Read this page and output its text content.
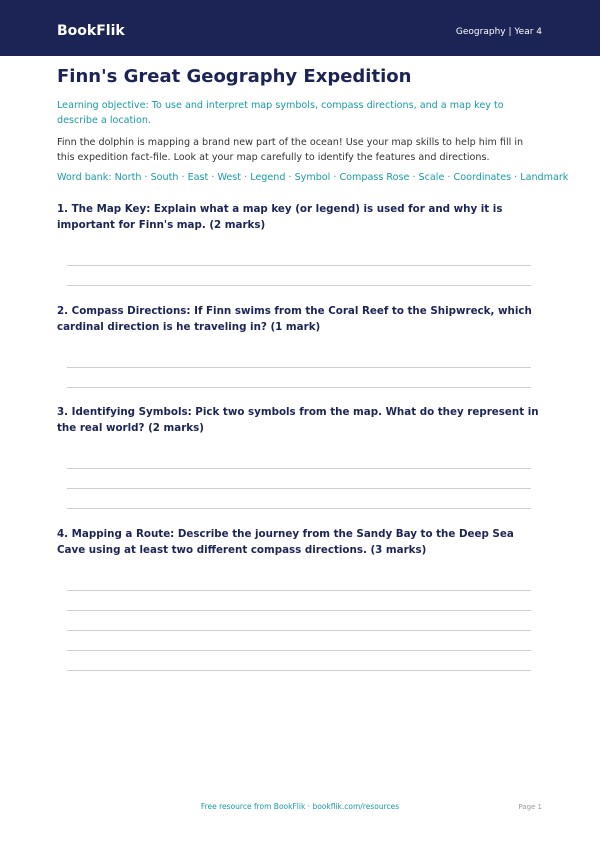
BookFlik	Geography | Year 4
Finn's Great Geography Expedition

Learning objective: To use and interpret map symbols, compass directions, and a map key to describe a location.

Finn the dolphin is mapping a brand new part of the ocean! Use your map skills to help him fill in this expedition fact-file. Look at your map carefully to identify the features and directions.

Word bank: North · South · East · West · Legend · Symbol · Compass Rose · Scale · Coordinates · Landmark

1. The Map Key: Explain what a map key (or legend) is used for and why it is important for Finn's map. (2 marks)

2. Compass Directions: If Finn swims from the Coral Reef to the Shipwreck, which cardinal direction is he traveling in? (1 mark)

3. Identifying Symbols: Pick two symbols from the map. What do they represent in the real world? (2 marks)

4. Mapping a Route: Describe the journey from the Sandy Bay to the Deep Sea Cave using at least two different compass directions. (3 marks)

Free resource from BookFlik · bookflik.com/resources	Page 1
